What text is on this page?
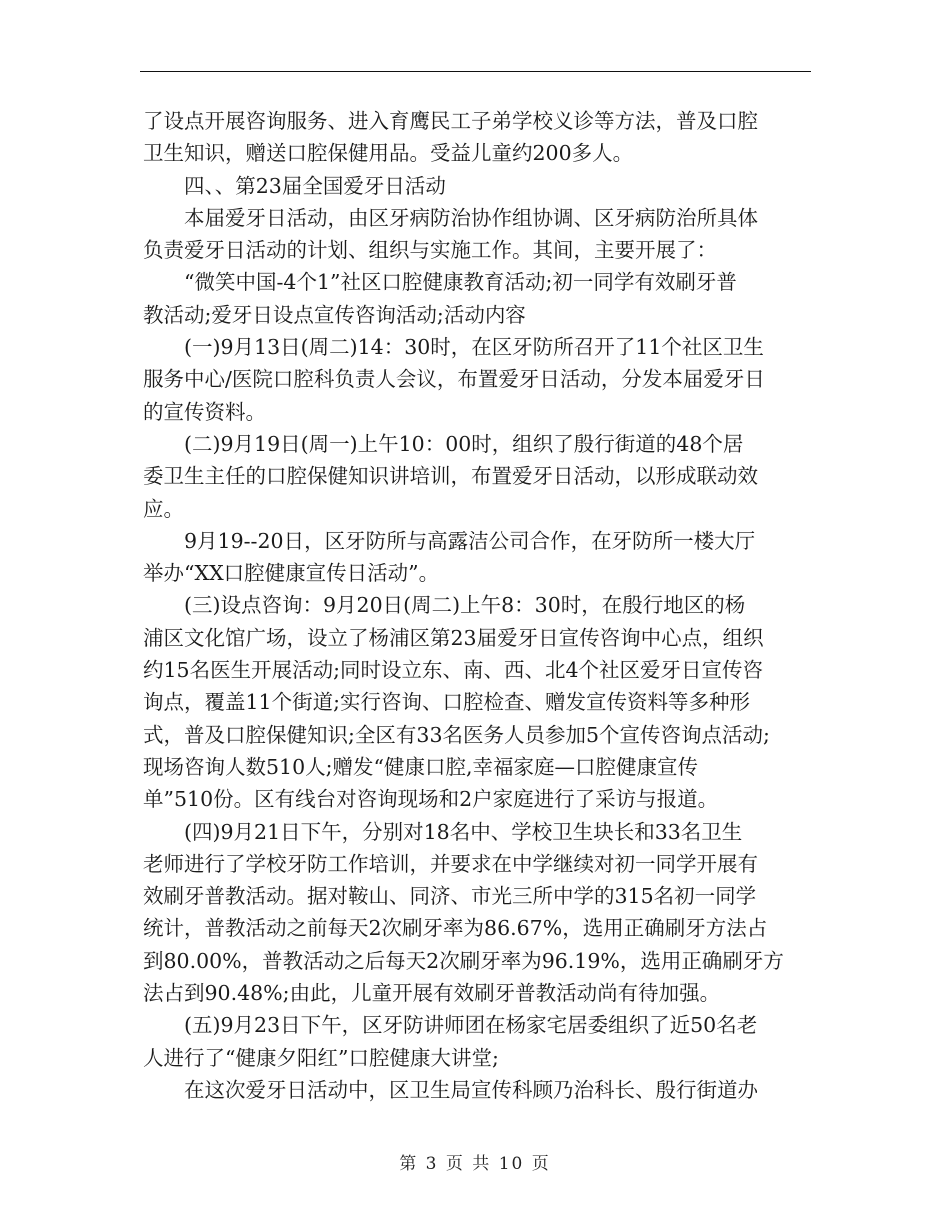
了设点开展咨询服务、进入育鹰民工子弟学校义诊等方法，普及口腔
卫生知识，赠送口腔保健用品。受益儿童约200多人。
四、、第23届全国爱牙日活动
本届爱牙日活动，由区牙病防治协作组协调、区牙病防治所具体
负责爱牙日活动的计划、组织与实施工作。其间，主要开展了：
“微笑中国-4个1”社区口腔健康教育活动;初一同学有效刷牙普
教活动;爱牙日设点宣传咨询活动;活动内容
(一)9月13日(周二)14：30时，在区牙防所召开了11个社区卫生
服务中心/医院口腔科负责人会议，布置爱牙日活动，分发本届爱牙日
的宣传资料。
(二)9月19日(周一)上午10：00时，组织了殷行街道的48个居
委卫生主任的口腔保健知识讲培训，布置爱牙日活动，以形成联动效
应。
9月19--20日，区牙防所与高露洁公司合作，在牙防所一楼大厅
举办“XX口腔健康宣传日活动”。
(三)设点咨询：9月20日(周二)上午8：30时，在殷行地区的杨
浦区文化馆广场，设立了杨浦区第23届爱牙日宣传咨询中心点，组织
约15名医生开展活动;同时设立东、南、西、北4个社区爱牙日宣传咨
询点，覆盖11个街道;实行咨询、口腔检查、赠发宣传资料等多种形
式，普及口腔保健知识;全区有33名医务人员参加5个宣传咨询点活动;
现场咨询人数510人;赠发“健康口腔,幸福家庭—口腔健康宣传
单”510份。区有线台对咨询现场和2户家庭进行了采访与报道。
(四)9月21日下午，分别对18名中、学校卫生块长和33名卫生
老师进行了学校牙防工作培训，并要求在中学继续对初一同学开展有
效刷牙普教活动。据对鞍山、同济、市光三所中学的315名初一同学
统计，普教活动之前每天2次刷牙率为86.67%，选用正确刷牙方法占
到80.00%，普教活动之后每天2次刷牙率为96.19%，选用正确刷牙方
法占到90.48%;由此，儿童开展有效刷牙普教活动尚有待加强。
(五)9月23日下午，区牙防讲师团在杨家宅居委组织了近50名老
人进行了“健康夕阳红”口腔健康大讲堂;
在这次爱牙日活动中，区卫生局宣传科顾乃治科长、殷行街道办
第 3 页 共 10 页
